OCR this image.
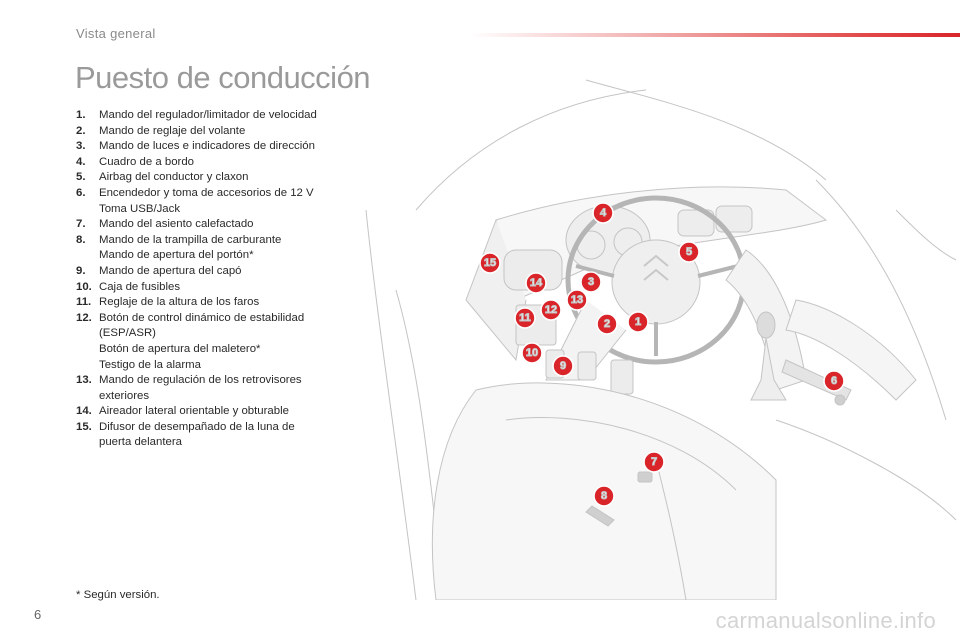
Vista general
Puesto de conducción
1.	Mando del regulador/limitador de velocidad
2.	Mando de reglaje del volante
3.	Mando de luces e indicadores de dirección
4.	Cuadro de a bordo
5.	Airbag del conductor y claxon
6.	Encendedor y toma de accesorios de 12 V
Toma USB/Jack
7.	Mando del asiento calefactado
8.	Mando de la trampilla de carburante
Mando de apertura del portón*
9.	Mando de apertura del capó
10. Caja de fusibles
11. Reglaje de la altura de los faros
12. Botón de control dinámico de estabilidad
(ESP/ASR)
Botón de apertura del maletero*
Testigo de la alarma
13. Mando de regulación de los retrovisores
exteriores
14. Aireador lateral orientable y obturable
15. Difusor de desempañado de la luna de
puerta delantera
1
2
3
4
5
6
7
8
9
10
11
12
13
14
15
* Según versión.
6	carmanualsonline.info
